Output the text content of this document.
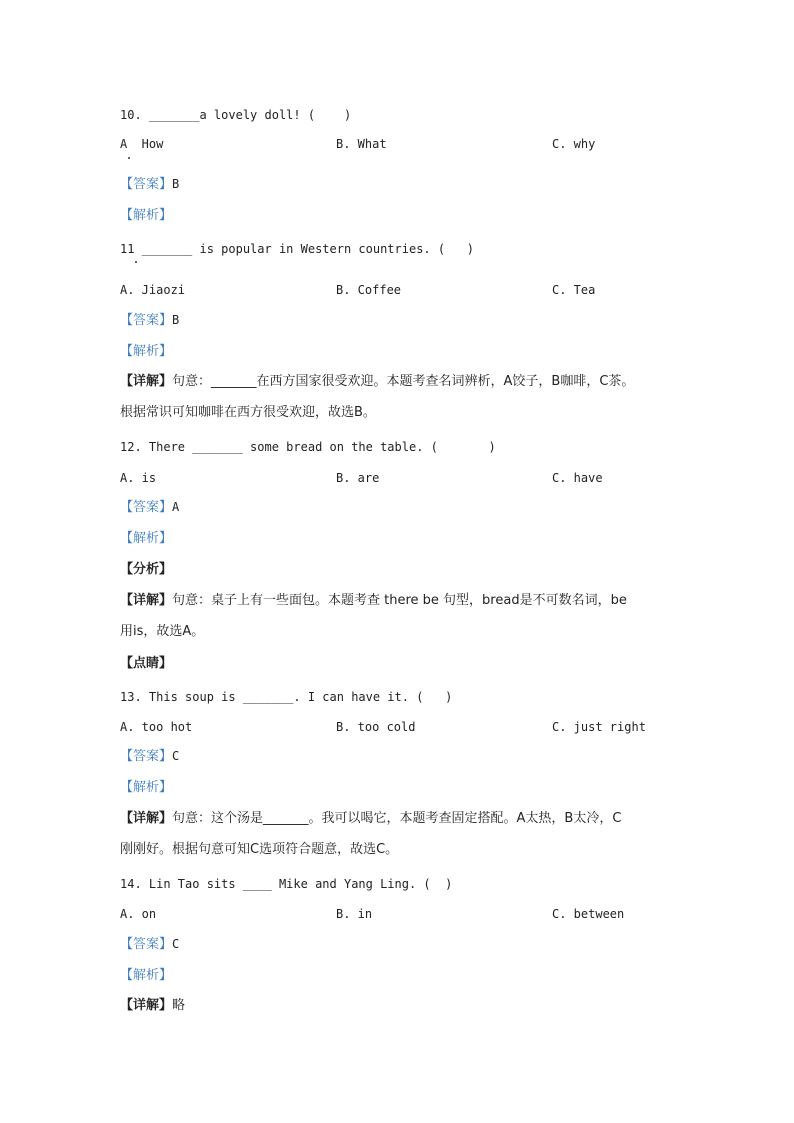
10. _______a lovely doll! (    )
A  How	B. What	C. why
【答案】B
【解析】
11 _______ is popular in Western countries. (   )
A. Jiaozi	B. Coffee	C. Tea
【答案】B
【解析】
【详解】句意：_______在西方国家很受欢迎。本题考查名词辨析，A饺子，B咖啡，C茶。
根据常识可知咖啡在西方很受欢迎，故选B。
12. There _______ some bread on the table. (       )
A. is	B. are	C. have
【答案】A
【解析】
【分析】
【详解】句意：桌子上有一些面包。本题考查 there be 句型，bread是不可数名词，be
用is，故选A。
【点睛】
13. This soup is _______. I can have it. (   )
A. too hot	B. too cold	C. just right
【答案】C
【解析】
【详解】句意：这个汤是_______。我可以喝它，本题考查固定搭配。A太热，B太冷，C
刚刚好。根据句意可知C选项符合题意，故选C。
14. Lin Tao sits ____ Mike and Yang Ling. (  )
A. on	B. in	C. between
【答案】C
【解析】
【详解】略
